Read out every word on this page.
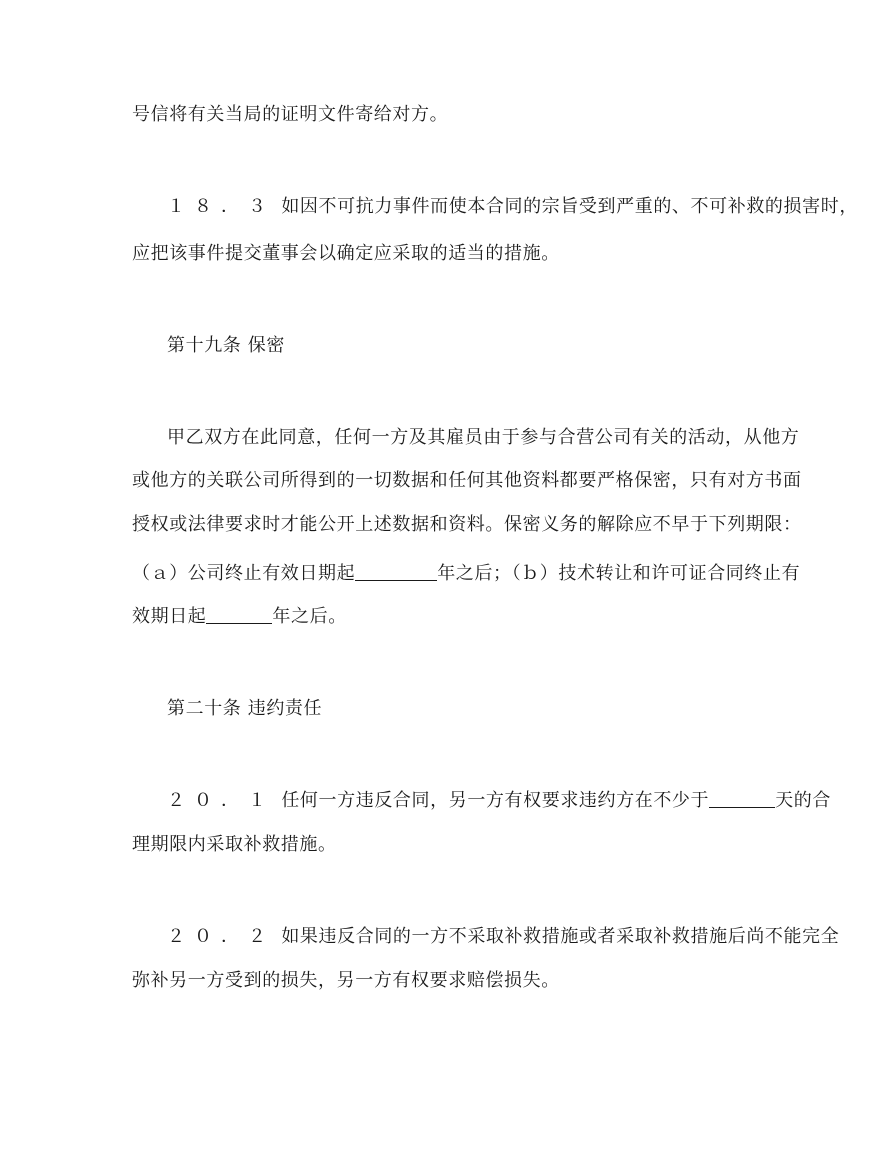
号信将有关当局的证明文件寄给对方。
１８．３ 如因不可抗力事件而使本合同的宗旨受到严重的、不可补救的损害时，
应把该事件提交董事会以确定应采取的适当的措施。
第十九条 保密
甲乙双方在此同意，任何一方及其雇员由于参与合营公司有关的活动，从他方
或他方的关联公司所得到的一切数据和任何其他资料都要严格保密，只有对方书面
授权或法律要求时才能公开上述数据和资料。保密义务的解除应不早于下列期限：
（ａ）公司终止有效日期起	年之后；（ｂ）技术转让和许可证合同终止有
效期日起	年之后。
第二十条 违约责任
２０．１ 任何一方违反合同，另一方有权要求违约方在不少于	天的合
理期限内采取补救措施。
２０．２ 如果违反合同的一方不采取补救措施或者采取补救措施后尚不能完全
弥补另一方受到的损失，另一方有权要求赔偿损失。
